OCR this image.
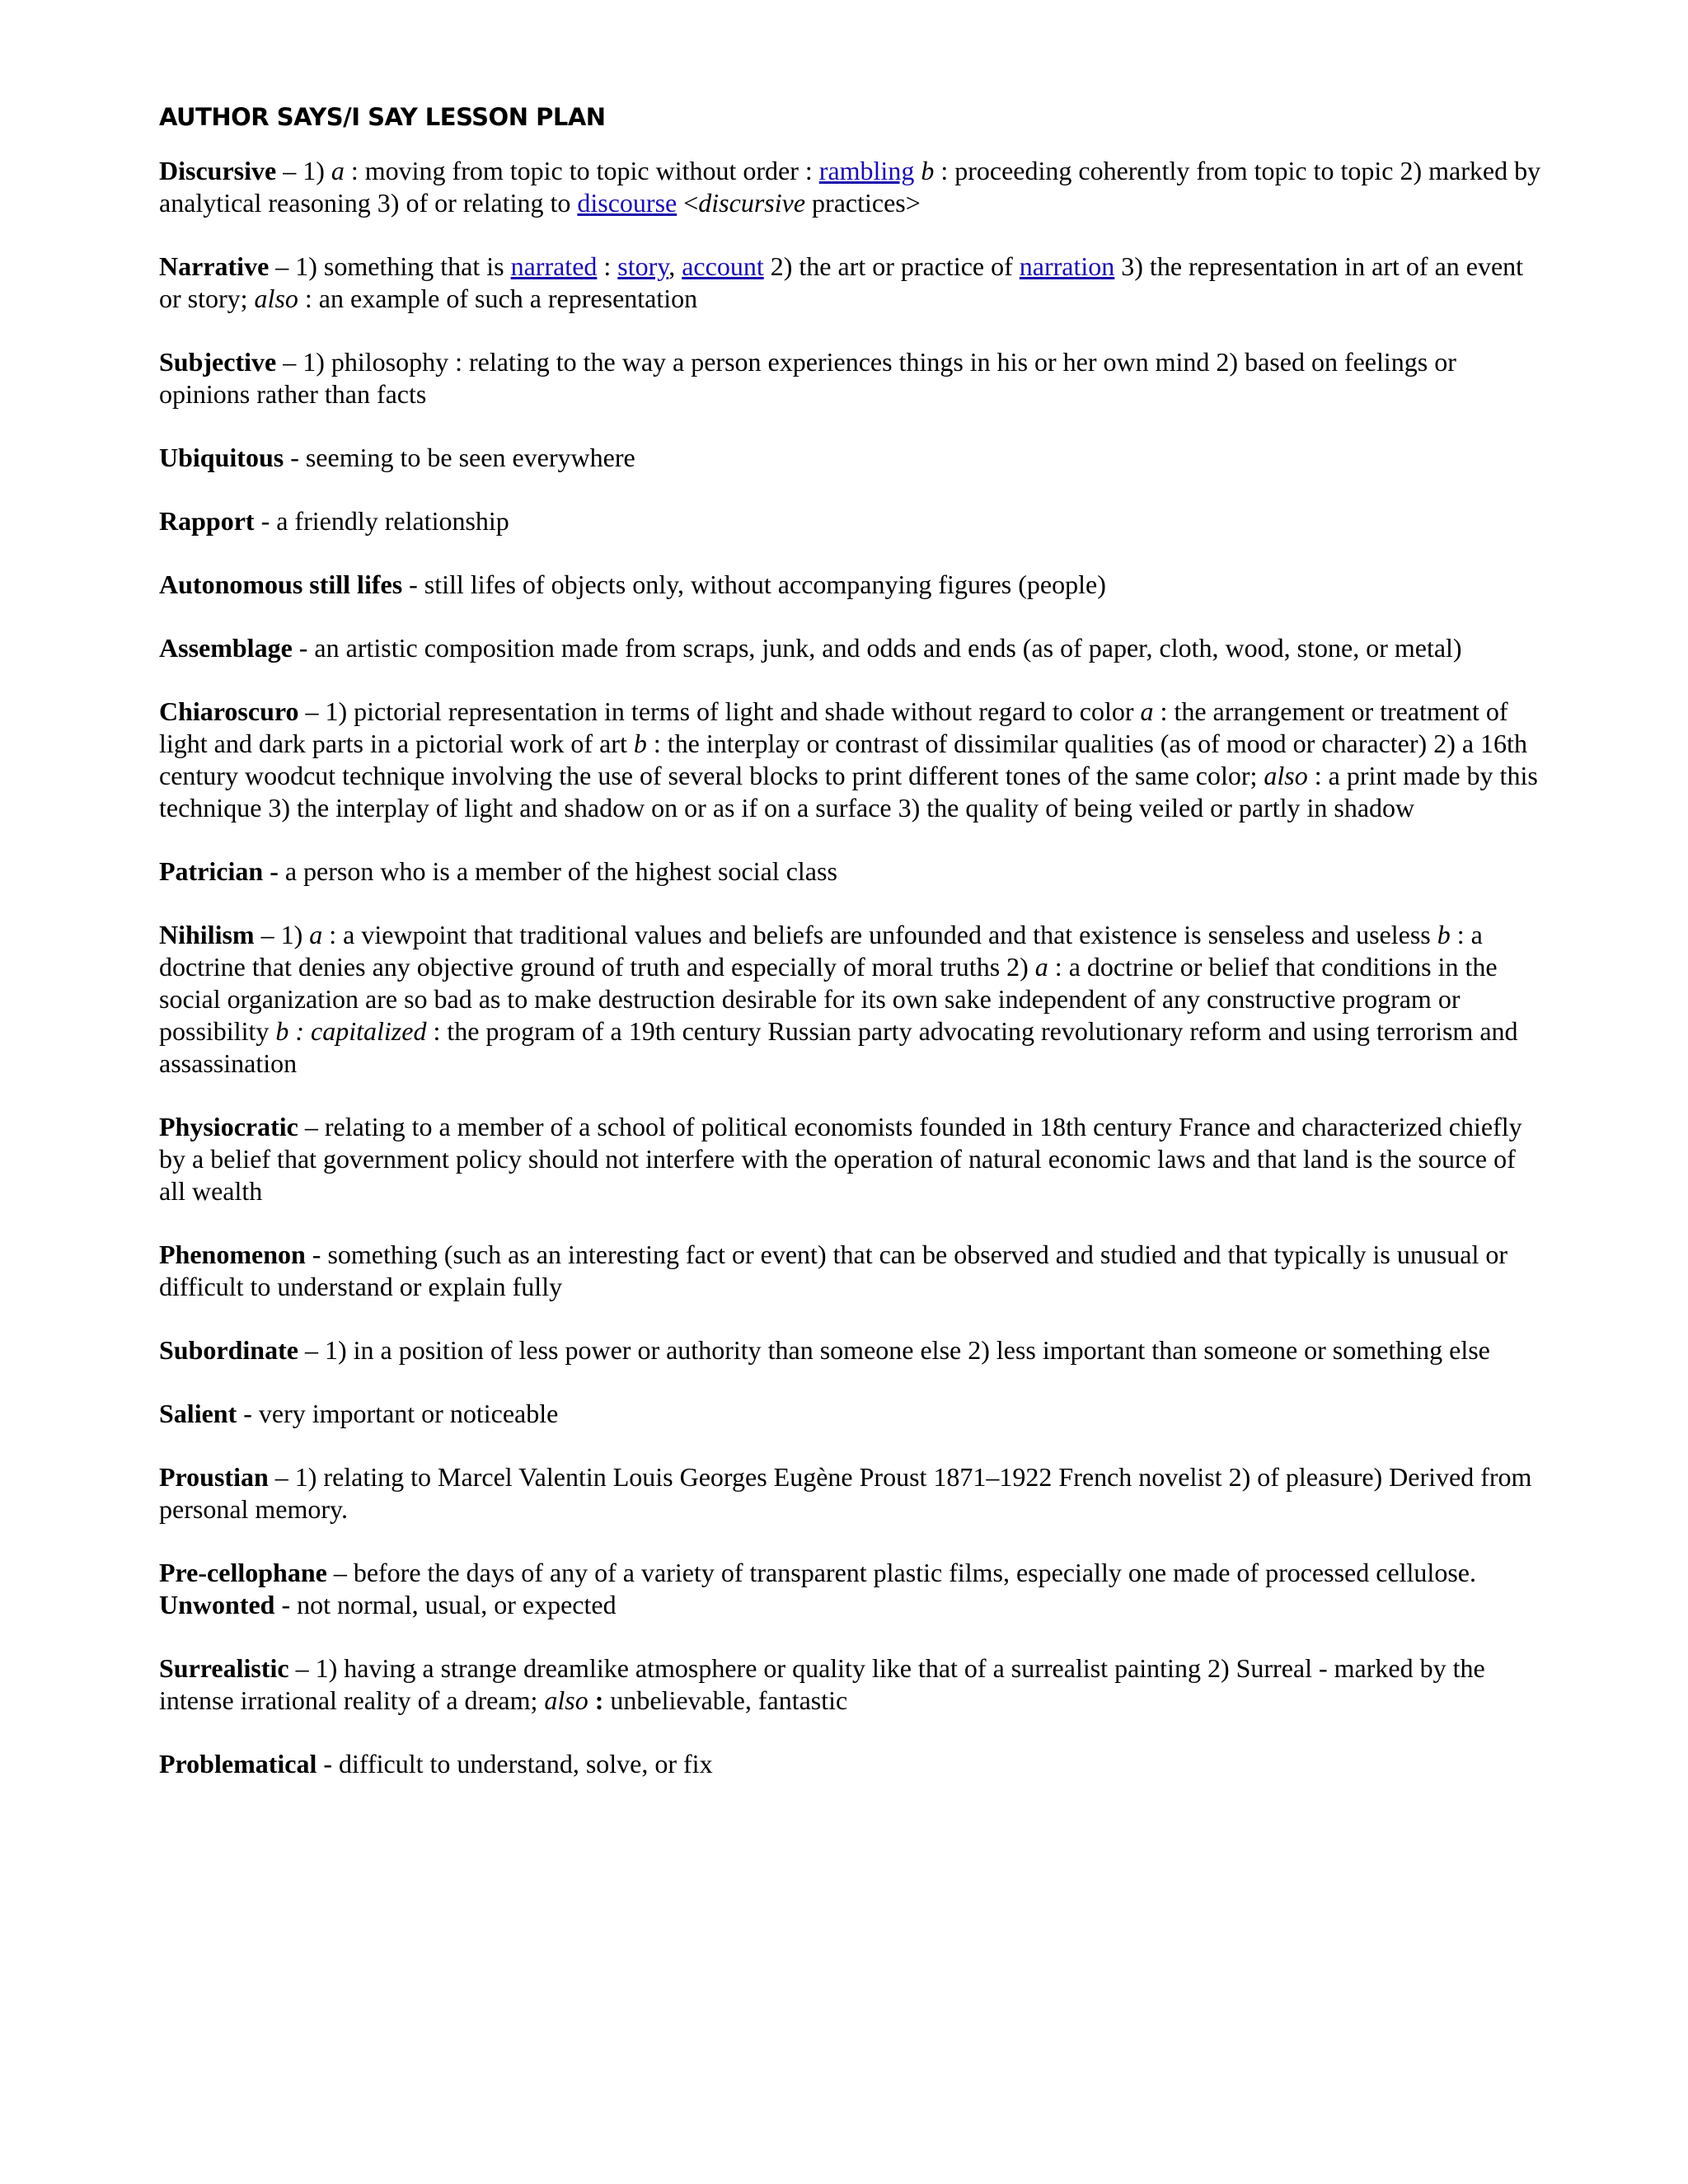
AUTHOR SAYS/I SAY LESSON PLAN

Discursive – 1) a : moving from topic to topic without order : rambling b : proceeding coherently from topic to topic 2) marked by analytical reasoning 3) of or relating to discourse <discursive practices>

Narrative – 1) something that is narrated : story, account 2) the art or practice of narration 3) the representation in art of an event or story; also : an example of such a representation

Subjective – 1) philosophy : relating to the way a person experiences things in his or her own mind 2) based on feelings or opinions rather than facts

Ubiquitous - seeming to be seen everywhere

Rapport - a friendly relationship

Autonomous still lifes - still lifes of objects only, without accompanying figures (people)

Assemblage - an artistic composition made from scraps, junk, and odds and ends (as of paper, cloth, wood, stone, or metal)

Chiaroscuro – 1) pictorial representation in terms of light and shade without regard to color a : the arrangement or treatment of light and dark parts in a pictorial work of art b : the interplay or contrast of dissimilar qualities (as of mood or character) 2) a 16th century woodcut technique involving the use of several blocks to print different tones of the same color; also : a print made by this technique 3) the interplay of light and shadow on or as if on a surface 3) the quality of being veiled or partly in shadow

Patrician - a person who is a member of the highest social class

Nihilism – 1) a : a viewpoint that traditional values and beliefs are unfounded and that existence is senseless and useless b : a doctrine that denies any objective ground of truth and especially of moral truths 2) a : a doctrine or belief that conditions in the social organization are so bad as to make destruction desirable for its own sake independent of any constructive program or possibility b : capitalized : the program of a 19th century Russian party advocating revolutionary reform and using terrorism and assassination

Physiocratic – relating to a member of a school of political economists founded in 18th century France and characterized chiefly by a belief that government policy should not interfere with the operation of natural economic laws and that land is the source of all wealth

Phenomenon - something (such as an interesting fact or event) that can be observed and studied and that typically is unusual or difficult to understand or explain fully

Subordinate – 1) in a position of less power or authority than someone else 2) less important than someone or something else

Salient - very important or noticeable

Proustian – 1) relating to Marcel Valentin Louis Georges Eugène Proust 1871–1922 French novelist 2) of pleasure) Derived from personal memory.

Pre-cellophane – before the days of any of a variety of transparent plastic films, especially one made of processed cellulose.

Unwonted - not normal, usual, or expected

Surrealistic – 1) having a strange dreamlike atmosphere or quality like that of a surrealist painting 2) Surreal - marked by the intense irrational reality of a dream; also : unbelievable, fantastic

Problematical - difficult to understand, solve, or fix
